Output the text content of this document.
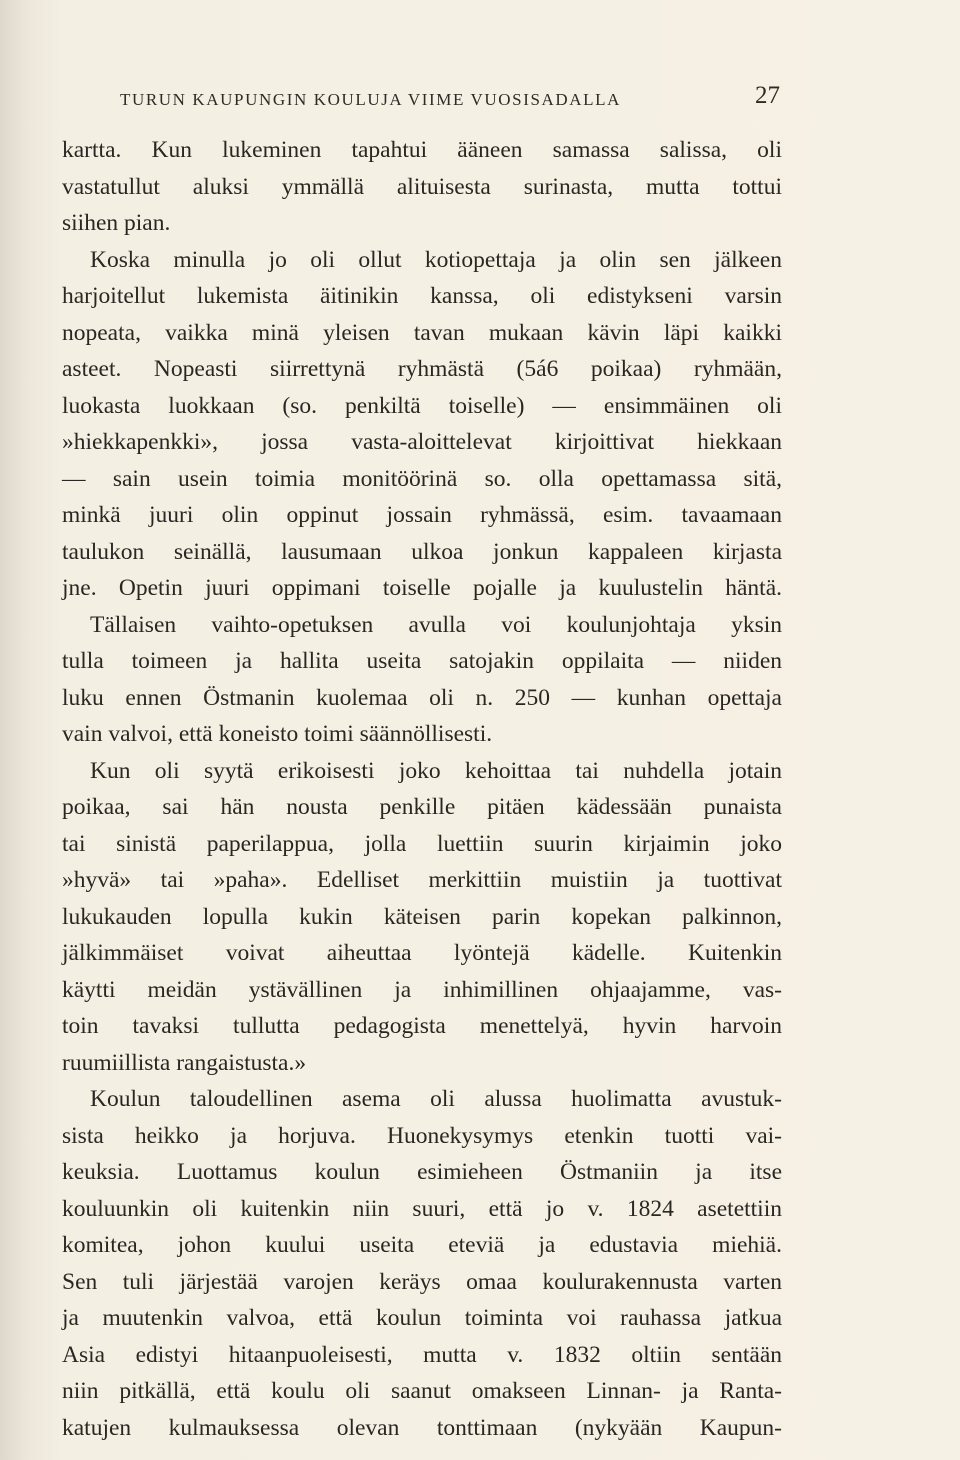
TURUN KAUPUNGIN KOULUJA VIIME VUOSISADALLA	27
kartta. Kun lukeminen tapahtui ääneen samassa salissa, oli
vastatullut aluksi ymmällä alituisesta surinasta, mutta tottui
siihen pian.
Koska minulla jo oli ollut kotiopettaja ja olin sen jälkeen
harjoitellut lukemista äitinikin kanssa, oli edistykseni varsin
nopeata, vaikka minä yleisen tavan mukaan kävin läpi kaikki
asteet. Nopeasti siirrettynä ryhmästä (5á6 poikaa) ryhmään,
luokasta luokkaan (so. penkiltä toiselle) — ensimmäinen oli
»hiekkapenkki», jossa vasta-aloittelevat kirjoittivat hiekkaan
— sain usein toimia monitöörinä so. olla opettamassa sitä,
minkä juuri olin oppinut jossain ryhmässä, esim. tavaamaan
taulukon seinällä, lausumaan ulkoa jonkun kappaleen kirjasta
jne. Opetin juuri oppimani toiselle pojalle ja kuulustelin häntä.
Tällaisen vaihto-opetuksen avulla voi koulunjohtaja yksin
tulla toimeen ja hallita useita satojakin oppilaita — niiden
luku ennen Östmanin kuolemaa oli n. 250 — kunhan opettaja
vain valvoi, että koneisto toimi säännöllisesti.
Kun oli syytä erikoisesti joko kehoittaa tai nuhdella jotain
poikaa, sai hän nousta penkille pitäen kädessään punaista
tai sinistä paperilappua, jolla luettiin suurin kirjaimin joko
»hyvä» tai »paha». Edelliset merkittiin muistiin ja tuottivat
lukukauden lopulla kukin käteisen parin kopekan palkinnon,
jälkimmäiset voivat aiheuttaa lyöntejä kädelle. Kuitenkin
käytti meidän ystävällinen ja inhimillinen ohjaajamme, vas-
toin tavaksi tullutta pedagogista menettelyä, hyvin harvoin
ruumiillista rangaistusta.»
Koulun taloudellinen asema oli alussa huolimatta avustuk-
sista heikko ja horjuva. Huonekysymys etenkin tuotti vai-
keuksia. Luottamus koulun esimieheen Östmaniin ja itse
kouluunkin oli kuitenkin niin suuri, että jo v. 1824 asetettiin
komitea, johon kuului useita eteviä ja edustavia miehiä.
Sen tuli järjestää varojen keräys omaa koulurakennusta varten
ja muutenkin valvoa, että koulun toiminta voi rauhassa jatkua
Asia edistyi hitaanpuoleisesti, mutta v. 1832 oltiin sentään
niin pitkällä, että koulu oli saanut omakseen Linnan- ja Ranta-
katujen kulmauksessa olevan tonttimaan (nykyään Kaupun-
